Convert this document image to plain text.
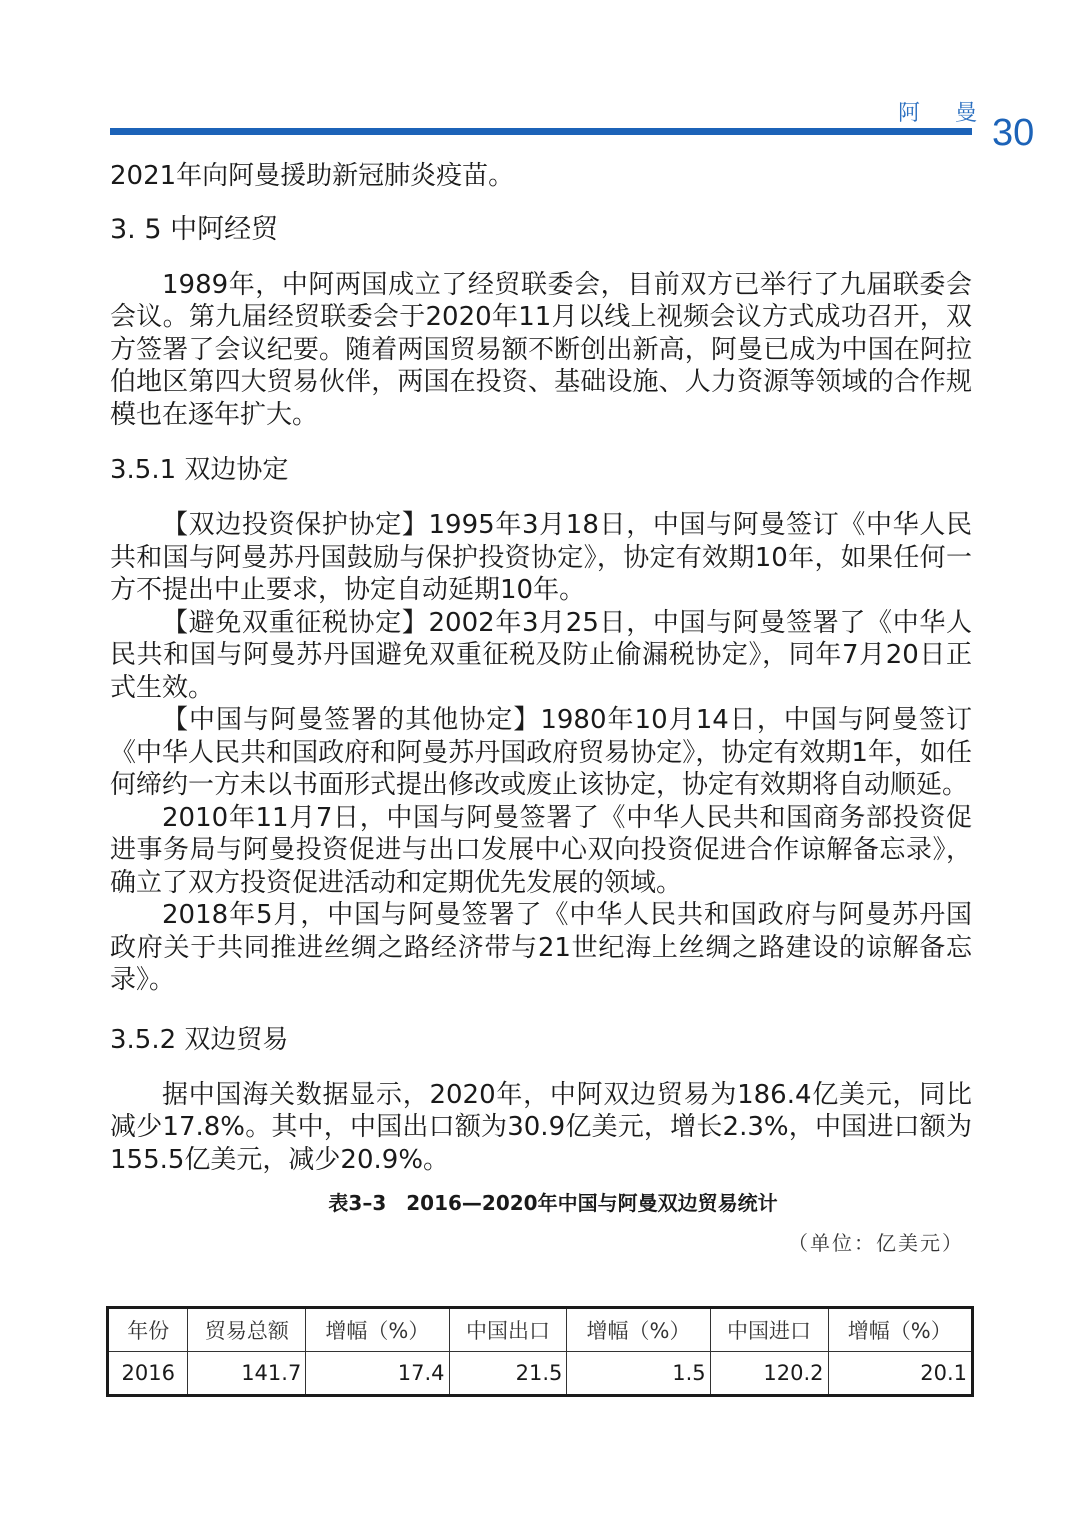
阿 曼 30

2021年向阿曼援助新冠肺炎疫苗。

3. 5 中阿经贸

1989年，中阿两国成立了经贸联委会，目前双方已举行了九届联委会会议。第九届经贸联委会于2020年11月以线上视频会议方式成功召开，双方签署了会议纪要。随着两国贸易额不断创出新高，阿曼已成为中国在阿拉伯地区第四大贸易伙伴，两国在投资、基础设施、人力资源等领域的合作规模也在逐年扩大。

3.5.1 双边协定

【双边投资保护协定】1995年3月18日，中国与阿曼签订《中华人民共和国与阿曼苏丹国鼓励与保护投资协定》，协定有效期10年，如果任何一方不提出中止要求，协定自动延期10年。

【避免双重征税协定】2002年3月25日，中国与阿曼签署了《中华人民共和国与阿曼苏丹国避免双重征税及防止偷漏税协定》，同年7月20日正式生效。

【中国与阿曼签署的其他协定】1980年10月14日，中国与阿曼签订《中华人民共和国政府和阿曼苏丹国政府贸易协定》，协定有效期1年，如任何缔约一方未以书面形式提出修改或废止该协定，协定有效期将自动顺延。

2010年11月7日，中国与阿曼签署了《中华人民共和国商务部投资促进事务局与阿曼投资促进与出口发展中心双向投资促进合作谅解备忘录》，确立了双方投资促进活动和定期优先发展的领域。

2018年5月，中国与阿曼签署了《中华人民共和国政府与阿曼苏丹国政府关于共同推进丝绸之路经济带与21世纪海上丝绸之路建设的谅解备忘录》。

3.5.2 双边贸易

据中国海关数据显示，2020年，中阿双边贸易为186.4亿美元，同比减少17.8%。其中，中国出口额为30.9亿美元，增长2.3%，中国进口额为155.5亿美元，减少20.9%。

表3–3　2016—2020年中国与阿曼双边贸易统计
（单位：亿美元）
年份	贸易总额	增幅（%）	中国出口	增幅（%）	中国进口	增幅（%）
2016	141.7	17.4	21.5	1.5	120.2	20.1
